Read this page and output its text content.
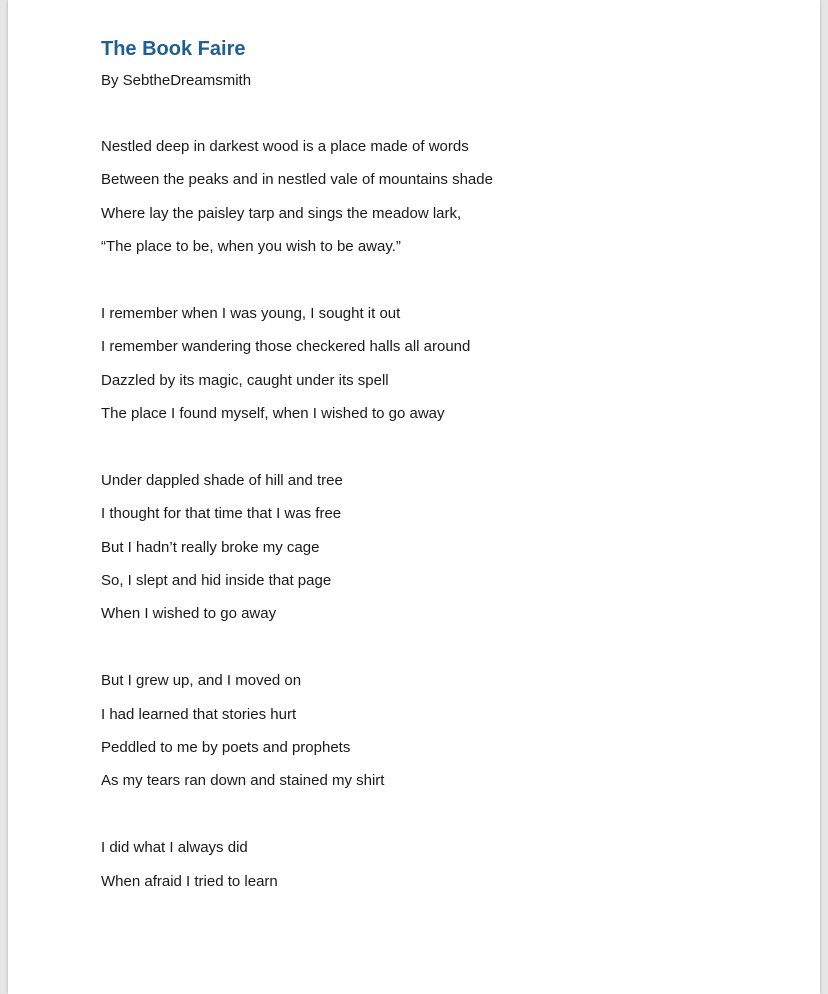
The Book Faire

By SebtheDreamsmith

Nestled deep in darkest wood is a place made of words

Between the peaks and in nestled vale of mountains shade

Where lay the paisley tarp and sings the meadow lark,

“The place to be, when you wish to be away.”

I remember when I was young, I sought it out

I remember wandering those checkered halls all around

Dazzled by its magic, caught under its spell

The place I found myself, when I wished to go away

Under dappled shade of hill and tree

I thought for that time that I was free

But I hadn’t really broke my cage

So, I slept and hid inside that page

When I wished to go away

But I grew up, and I moved on

I had learned that stories hurt

Peddled to me by poets and prophets

As my tears ran down and stained my shirt

I did what I always did

When afraid I tried to learn
